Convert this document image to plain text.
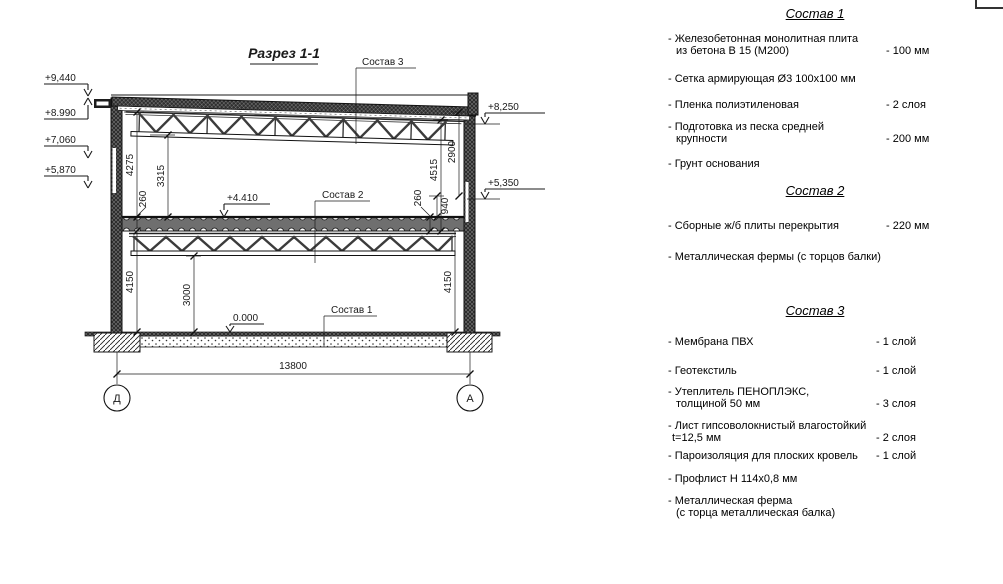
Разрез 1-1
4275 3315
260
4150
3000
4515
2900
940
260
4150
13800
Д	А
+9,440
+8.990
+7,060
+5,870
+8,250
+5,350
+4.410
0.000
Состав 3
Состав 2
Состав 1
Состав 1
- Железобетонная монолитная плита
из бетона В 15 (М200)	- 100 мм
- Сетка армирующая Ø3 100х100 мм
- Пленка полиэтиленовая	- 2 слоя
- Подготовка из песка средней
крупности	- 200 мм
- Грунт основания
Состав 2
- Сборные ж/б плиты перекрытия	- 220 мм
- Металлическая фермы (с торцов балки)
Состав 3
- Мембрана ПВХ	- 1 слой
- Геотекстиль	- 1 слой
- Утеплитель ПЕНОПЛЭКС,
толщиной 50 мм	- 3 слоя
- Лист гипсоволокнистый влагостойкий
t=12,5 мм	- 2 слоя
- Пароизоляция для плоских кровель	- 1 слой
- Профлист Н 114х0,8 мм
- Металлическая ферма
(с торца металлическая балка)
